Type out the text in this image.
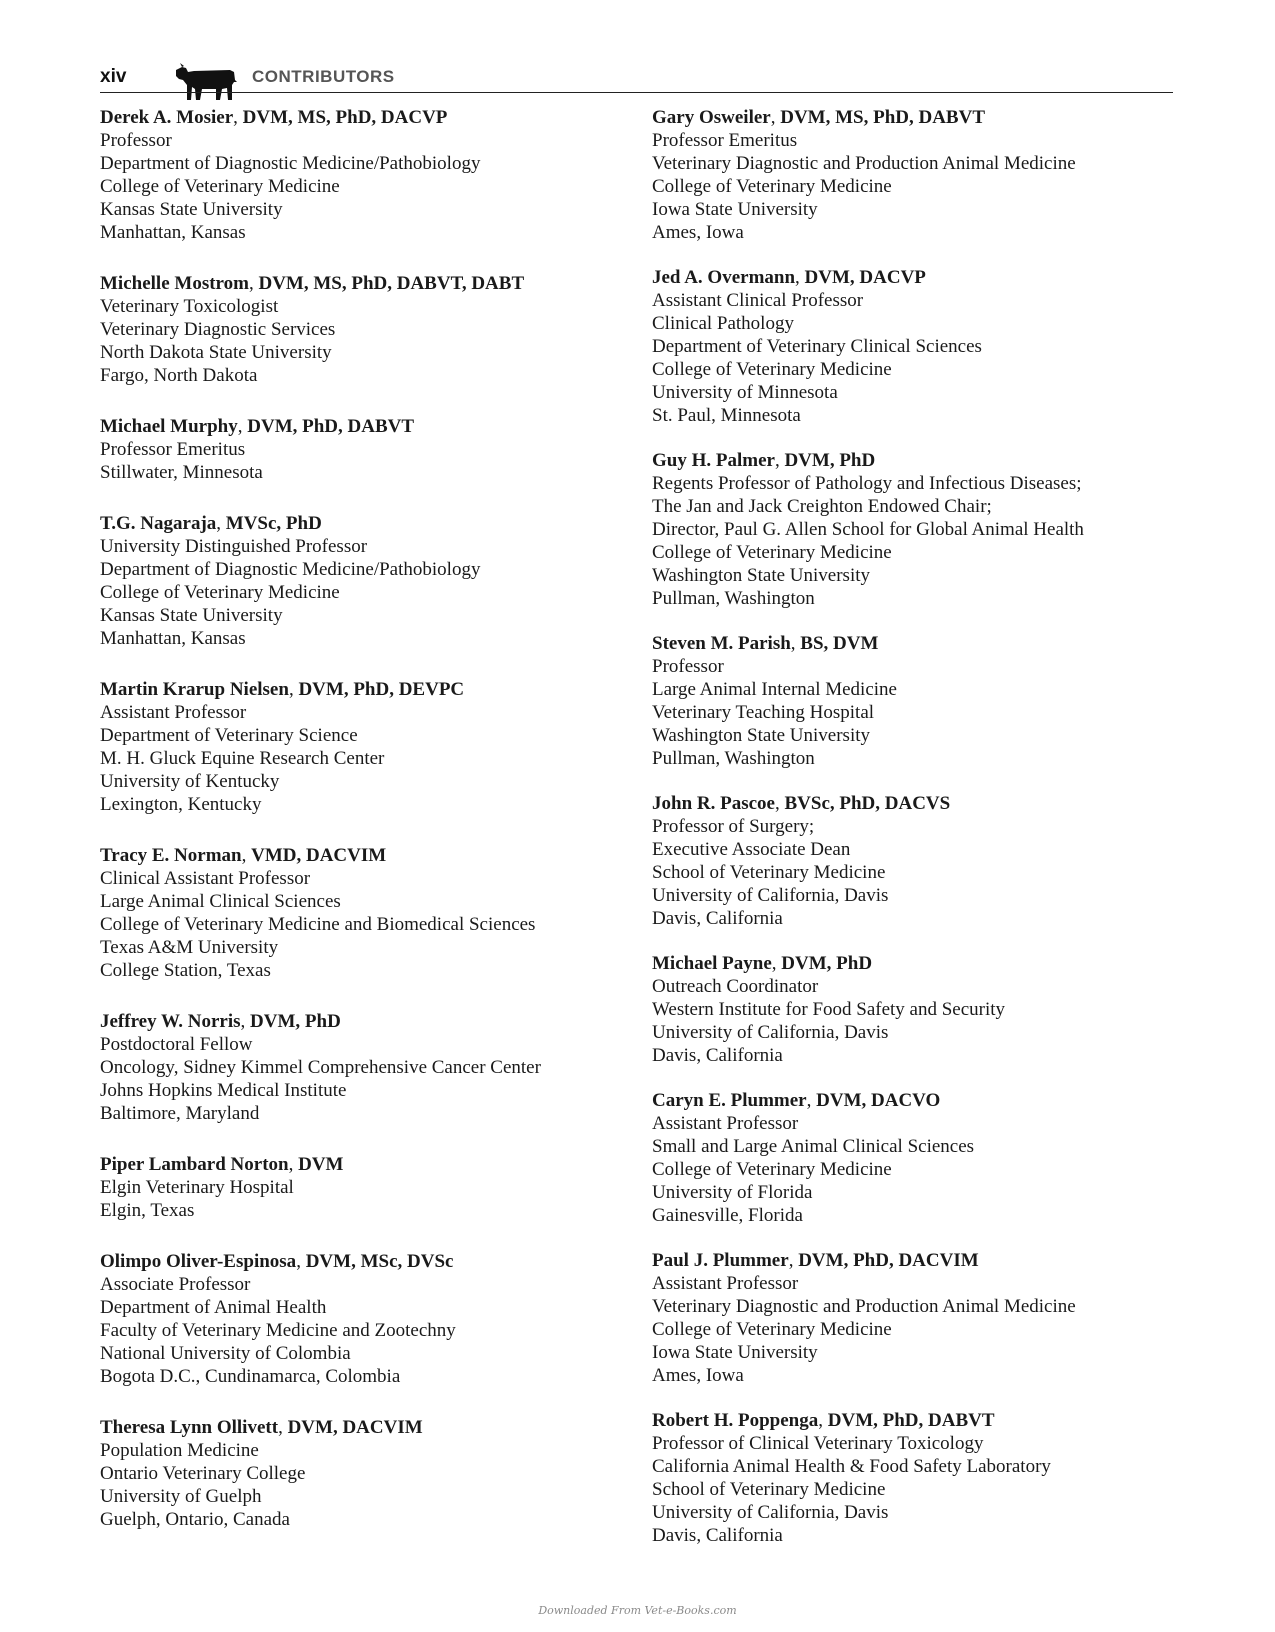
xiv	CONTRIBUTORS
Derek A. Mosier, DVM, MS, PhD, DACVP
Professor
Department of Diagnostic Medicine/Pathobiology
College of Veterinary Medicine
Kansas State University
Manhattan, Kansas
Michelle Mostrom, DVM, MS, PhD, DABVT, DABT
Veterinary Toxicologist
Veterinary Diagnostic Services
North Dakota State University
Fargo, North Dakota
Michael Murphy, DVM, PhD, DABVT
Professor Emeritus
Stillwater, Minnesota
T.G. Nagaraja, MVSc, PhD
University Distinguished Professor
Department of Diagnostic Medicine/Pathobiology
College of Veterinary Medicine
Kansas State University
Manhattan, Kansas
Martin Krarup Nielsen, DVM, PhD, DEVPC
Assistant Professor
Department of Veterinary Science
M. H. Gluck Equine Research Center
University of Kentucky
Lexington, Kentucky
Tracy E. Norman, VMD, DACVIM
Clinical Assistant Professor
Large Animal Clinical Sciences
College of Veterinary Medicine and Biomedical Sciences
Texas A&M University
College Station, Texas
Jeffrey W. Norris, DVM, PhD
Postdoctoral Fellow
Oncology, Sidney Kimmel Comprehensive Cancer Center
Johns Hopkins Medical Institute
Baltimore, Maryland
Piper Lambard Norton, DVM
Elgin Veterinary Hospital
Elgin, Texas
Olimpo Oliver-Espinosa, DVM, MSc, DVSc
Associate Professor
Department of Animal Health
Faculty of Veterinary Medicine and Zootechny
National University of Colombia
Bogota D.C., Cundinamarca, Colombia
Theresa Lynn Ollivett, DVM, DACVIM
Population Medicine
Ontario Veterinary College
University of Guelph
Guelph, Ontario, Canada
Gary Osweiler, DVM, MS, PhD, DABVT
Professor Emeritus
Veterinary Diagnostic and Production Animal Medicine
College of Veterinary Medicine
Iowa State University
Ames, Iowa
Jed A. Overmann, DVM, DACVP
Assistant Clinical Professor
Clinical Pathology
Department of Veterinary Clinical Sciences
College of Veterinary Medicine
University of Minnesota
St. Paul, Minnesota
Guy H. Palmer, DVM, PhD
Regents Professor of Pathology and Infectious Diseases;
The Jan and Jack Creighton Endowed Chair;
Director, Paul G. Allen School for Global Animal Health
College of Veterinary Medicine
Washington State University
Pullman, Washington
Steven M. Parish, BS, DVM
Professor
Large Animal Internal Medicine
Veterinary Teaching Hospital
Washington State University
Pullman, Washington
John R. Pascoe, BVSc, PhD, DACVS
Professor of Surgery;
Executive Associate Dean
School of Veterinary Medicine
University of California, Davis
Davis, California
Michael Payne, DVM, PhD
Outreach Coordinator
Western Institute for Food Safety and Security
University of California, Davis
Davis, California
Caryn E. Plummer, DVM, DACVO
Assistant Professor
Small and Large Animal Clinical Sciences
College of Veterinary Medicine
University of Florida
Gainesville, Florida
Paul J. Plummer, DVM, PhD, DACVIM
Assistant Professor
Veterinary Diagnostic and Production Animal Medicine
College of Veterinary Medicine
Iowa State University
Ames, Iowa
Robert H. Poppenga, DVM, PhD, DABVT
Professor of Clinical Veterinary Toxicology
California Animal Health & Food Safety Laboratory
School of Veterinary Medicine
University of California, Davis
Davis, California
Downloaded From Vet-e-Books.com
